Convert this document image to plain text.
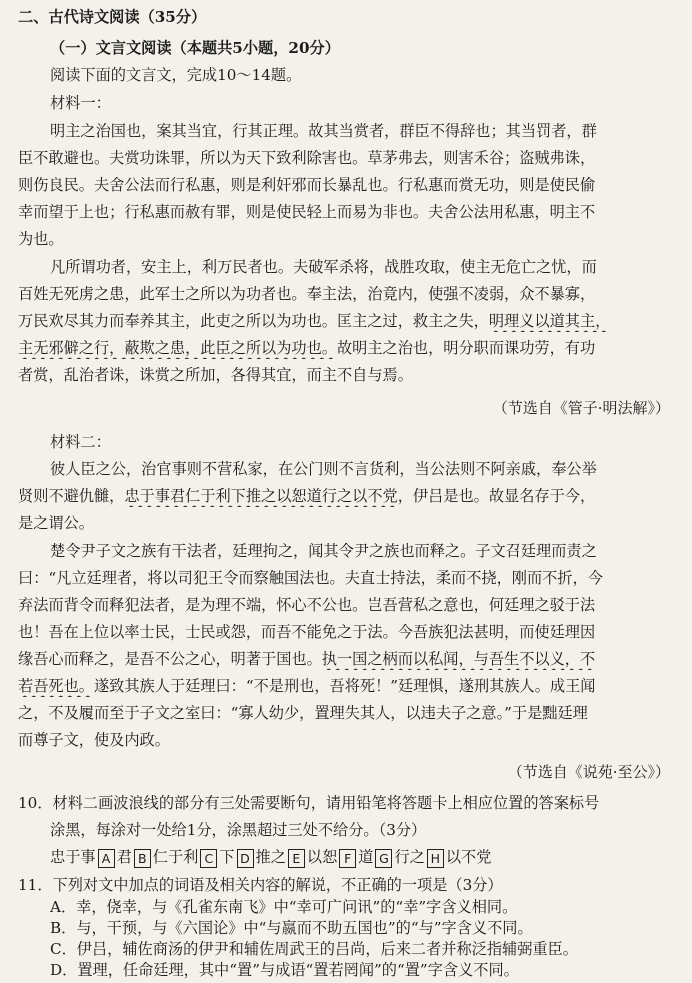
二、古代诗文阅读（35分）
（一）文言文阅读（本题共5小题，20分）
阅读下面的文言文，完成10～14题。
材料一：
明主之治国也，案其当宜，行其正理。故其当赏者，群臣不得辞也；其当罚者，群
臣不敢避也。夫赏功诛罪，所以为天下致利除害也。草茅弗去，则害禾谷；盗贼弗诛，
则伤良民。夫舍公法而行私惠，则是利奸邪而长暴乱也。行私惠而赏无功，则是使民偷
幸而望于上也；行私惠而赦有罪，则是使民轻上而易为非也。夫舍公法用私惠，明主不
为也。
凡所谓功者，安主上，利万民者也。夫破军杀将，战胜攻取，使主无危亡之忧，而
百姓无死虏之患，此军士之所以为功者也。奉主法，治竟内，使强不凌弱，众不暴寡，
万民欢尽其力而奉养其主，此吏之所以为功也。匡主之过，救主之失，明理义以道其主，
主无邪僻之行，蔽欺之患，此臣之所以为功也。故明主之治也，明分职而课功劳，有功
者赏，乱治者诛，诛赏之所加，各得其宜，而主不自与焉。
（节选自《管子·明法解》）
材料二：
彼人臣之公，治官事则不营私家，在公门则不言货利，当公法则不阿亲戚，奉公举
贤则不避仇雠，忠于事君仁于利下推之以恕道行之以不党，伊吕是也。故显名存于今，
是之谓公。
楚令尹子文之族有干法者，廷理拘之，闻其令尹之族也而释之。子文召廷理而责之
曰：“凡立廷理者，将以司犯王令而察触国法也。夫直士持法，柔而不挠，刚而不折，今
弃法而背令而释犯法者，是为理不端，怀心不公也。岂吾营私之意也，何廷理之驳于法
也！吾在上位以率士民，士民或怨，而吾不能免之于法。今吾族犯法甚明，而使廷理因
缘吾心而释之，是吾不公之心，明著于国也。执一国之柄而以私闻，与吾生不以义，不
若吾死也。遂致其族人于廷理曰：“不是刑也，吾将死！”廷理惧，遂刑其族人。成王闻
之，不及履而至于子文之室曰：“寡人幼少，置理失其人，以违夫子之意。”于是黜廷理
而尊子文，使及内政。
（节选自《说苑·至公》）
10．材料二画波浪线的部分有三处需要断句，请用铅笔将答题卡上相应位置的答案标号
涂黑，每涂对一处给1分，涂黑超过三处不给分。（3分）
忠于事 A 君 B 仁于利 C 下 D 推之 E 以恕 F 道 G 行之 H 以不党
11．下列对文中加点的词语及相关内容的解说，不正确的一项是（3分）
A．幸，侥幸，与《孔雀东南飞》中“幸可广问讯”的“幸”字含义相同。
B．与，干预，与《六国论》中“与嬴而不助五国也”的“与”字含义不同。
C．伊吕，辅佐商汤的伊尹和辅佐周武王的吕尚，后来二者并称泛指辅弼重臣。
D．置理，任命廷理，其中“置”与成语“置若罔闻”的“置”字含义不同。
